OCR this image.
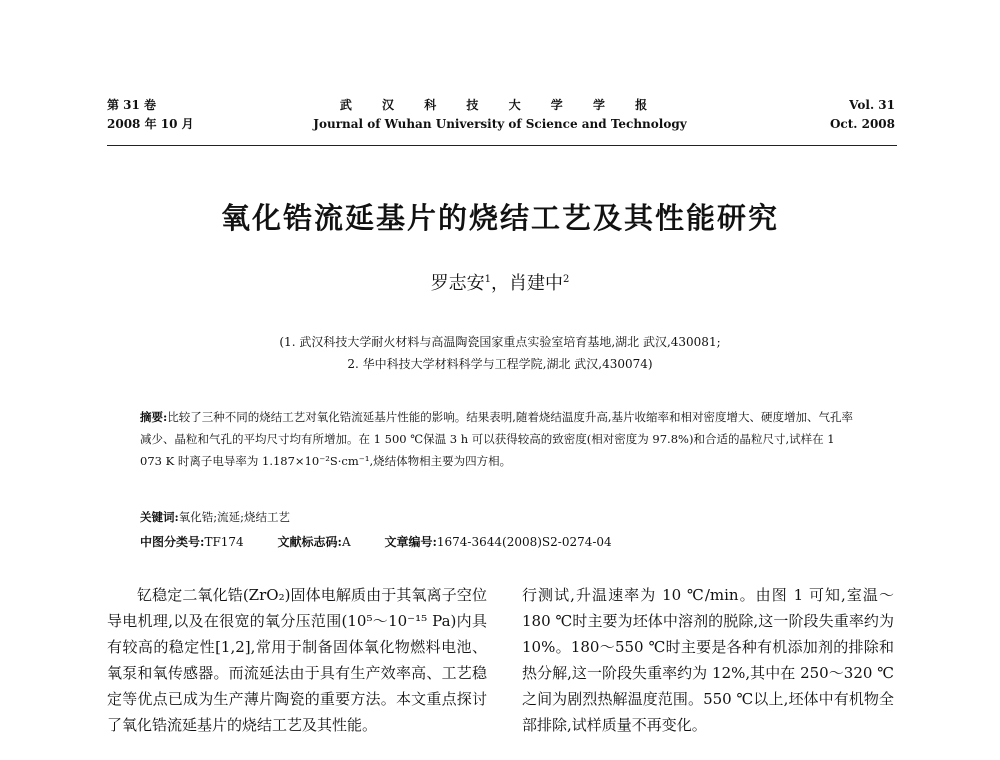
第 31 卷
2008 年 10 月
武 汉 科 技 大 学 学 报
Journal of Wuhan University of Science and Technology
Vol. 31
Oct. 2008
氧化锆流延基片的烧结工艺及其性能研究
罗志安$^1$，肖建中$^2$
(1. 武汉科技大学耐火材料与高温陶瓷国家重点实验室培育基地,湖北 武汉,430081;
2. 华中科技大学材料科学与工程学院,湖北 武汉,430074)
摘要:比较了三种不同的烧结工艺对氧化锆流延基片性能的影响。结果表明,随着烧结温度升高,基片收缩率和相对密度增大、硬度增加、气孔率减少、晶粒和气孔的平均尺寸均有所增加。在 1 500 ℃保温 3 h 可以获得较高的致密度(相对密度为 97.8%)和合适的晶粒尺寸,试样在 1 073 K 时离子电导率为 1.187×10⁻²S·cm⁻¹,烧结体物相主要为四方相。
关键词:氧化锆;流延;烧结工艺
中图分类号:TF174	文献标志码:A	文章编号:1674-3644(2008)S2-0274-04
钇稳定二氧化锆(ZrO₂)固体电解质由于其氧离子空位导电机理,以及在很宽的氧分压范围(10⁵～10⁻¹⁵ Pa)内具有较高的稳定性[1,2],常用于制备固体氧化物燃料电池、氧泵和氧传感器。而流延法由于具有生产效率高、工艺稳定等优点已成为生产薄片陶瓷的重要方法。本文重点探讨了氧化锆流延基片的烧结工艺及其性能。
行测试,升温速率为 10 ℃/min。由图 1 可知,室温～180 ℃时主要为坯体中溶剂的脱除,这一阶段失重率约为 10%。180～550 ℃时主要是各种有机添加剂的排除和热分解,这一阶段失重率约为 12%,其中在 250～320 ℃之间为剧烈热解温度范围。550 ℃以上,坯体中有机物全部排除,试样质量不再变化。
